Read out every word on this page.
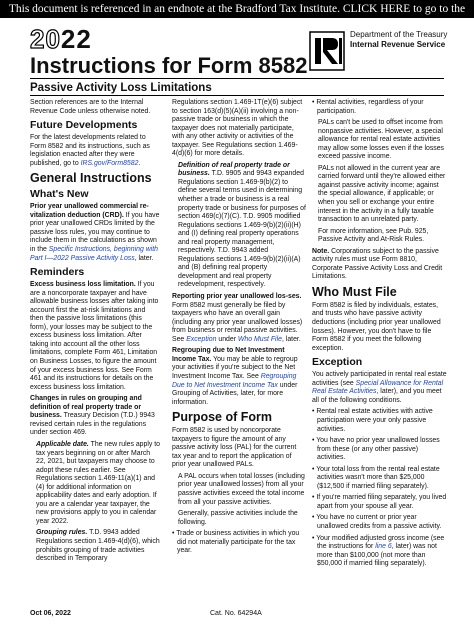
This document is referenced in an endnote at the Bradford Tax Institute. CLICK HERE to go to the home page.
2022
Instructions for Form 8582
Passive Activity Loss Limitations
Department of the Treasury
Internal Revenue Service

Section references are to the Internal Revenue Code unless otherwise noted.

Future Developments

For the latest developments related to Form 8582 and its instructions, such as legislation enacted after they were published, go to IRS.gov/Form8582.

General Instructions
What's New

Prior year unallowed commercial re-vitalization deduction (CRD). If you have prior year unallowed CRDs limited by the passive loss rules, you may continue to include them in the calculations as shown in the Specific Instructions, beginning with Part I—2022 Passive Activity Loss, later.

Reminders

Excess business loss limitation. If you are a noncorporate taxpayer and have allowable business losses after taking into account first the at-risk limitations and then the passive loss limitations (this form), your losses may be subject to the excess business loss limitation. After taking into account all the other loss limitations, complete Form 461, Limitation on Business Losses, to figure the amount of your excess business loss. See Form 461 and its instructions for details on the excess business loss limitation.

Changes in rules on grouping and definition of real property trade or business. Treasury Decision (T.D.) 9943 revised certain rules in the regulations under section 469.

Applicable date. The new rules apply to tax years beginning on or after March 22, 2021, but taxpayers may choose to adopt these rules earlier. See Regulations section 1.469-11(a)(1) and (4) for additional information on applicability dates and early adoption. If you are a calendar year taxpayer, the new provisions apply to you in calendar year 2022.

Grouping rules. T.D. 9943 added Regulations section 1.469-4(d)(6), which prohibits grouping of trade activities described in Temporary

Regulations section 1.469-1T(e)(6) subject to section 163(d)(5)(A)(ii) involving a non-passive trade or business in which the taxpayer does not materially participate, with any other activity or activities of the taxpayer. See Regulations section 1.469-4(d)(6) for more details.

Definition of real property trade or business. T.D. 9905 and 9943 expanded Regulations section 1.469-9(b)(2) to define several terms used in determining whether a trade or business is a real property trade or business for purposes of section 469(c)(7)(C). T.D. 9905 modified Regulations sections 1.469-9(b)(2)(ii)(H) and (I) defining real property operations and real property management, respectively. T.D. 9943 added Regulations sections 1.469-9(b)(2)(ii)(A) and (B) defining real property development and real property redevelopment, respectively.

Reporting prior year unallowed los-ses. Form 8582 must generally be filed by taxpayers who have an overall gain (including any prior year unallowed losses) from business or rental passive activities. See Exception under Who Must File, later.

Regrouping due to Net Investment Income Tax. You may be able to regroup your activities if you're subject to the Net Investment Income Tax. See Regrouping Due to Net Investment Income Tax under Grouping of Activities, later, for more information.

Purpose of Form

Form 8582 is used by noncorporate taxpayers to figure the amount of any passive activity loss (PAL) for the current tax year and to report the application of prior year unallowed PALs.

A PAL occurs when total losses (including prior year unallowed losses) from all your passive activities exceed the total income from all your passive activities.

Generally, passive activities include the following.

• Trade or business activities in which you did not materially participate for the tax year.

• Rental activities, regardless of your participation.

PALs can't be used to offset income from nonpassive activities. However, a special allowance for rental real estate activities may allow some losses even if the losses exceed passive income.

PALs not allowed in the current year are carried forward until they're allowed either against passive activity income; against the special allowance, if applicable; or when you sell or exchange your entire interest in the activity in a fully taxable transaction to an unrelated party.

For more information, see Pub. 925, Passive Activity and At-Risk Rules.

Note. Corporations subject to the passive activity rules must use Form 8810, Corporate Passive Activity Loss and Credit Limitations.

Who Must File

Form 8582 is filed by individuals, estates, and trusts who have passive activity deductions (including prior year unallowed losses). However, you don't have to file Form 8582 if you meet the following exception.

Exception

You actively participated in rental real estate activities (see Special Allowance for Rental Real Estate Activities, later), and you meet all of the following conditions.

• Rental real estate activities with active participation were your only passive activities.

• You have no prior year unallowed losses from these (or any other passive) activities.

• Your total loss from the rental real estate activities wasn't more than $25,000 ($12,500 if married filing separately).

• If you're married filing separately, you lived apart from your spouse all year.

• You have no current or prior year unallowed credits from a passive activity.

• Your modified adjusted gross income (see the instructions for line 6, later) was not more than $100,000 (not more than $50,000 if married filing separately).

Oct 06, 2022	Cat. No. 64294A
